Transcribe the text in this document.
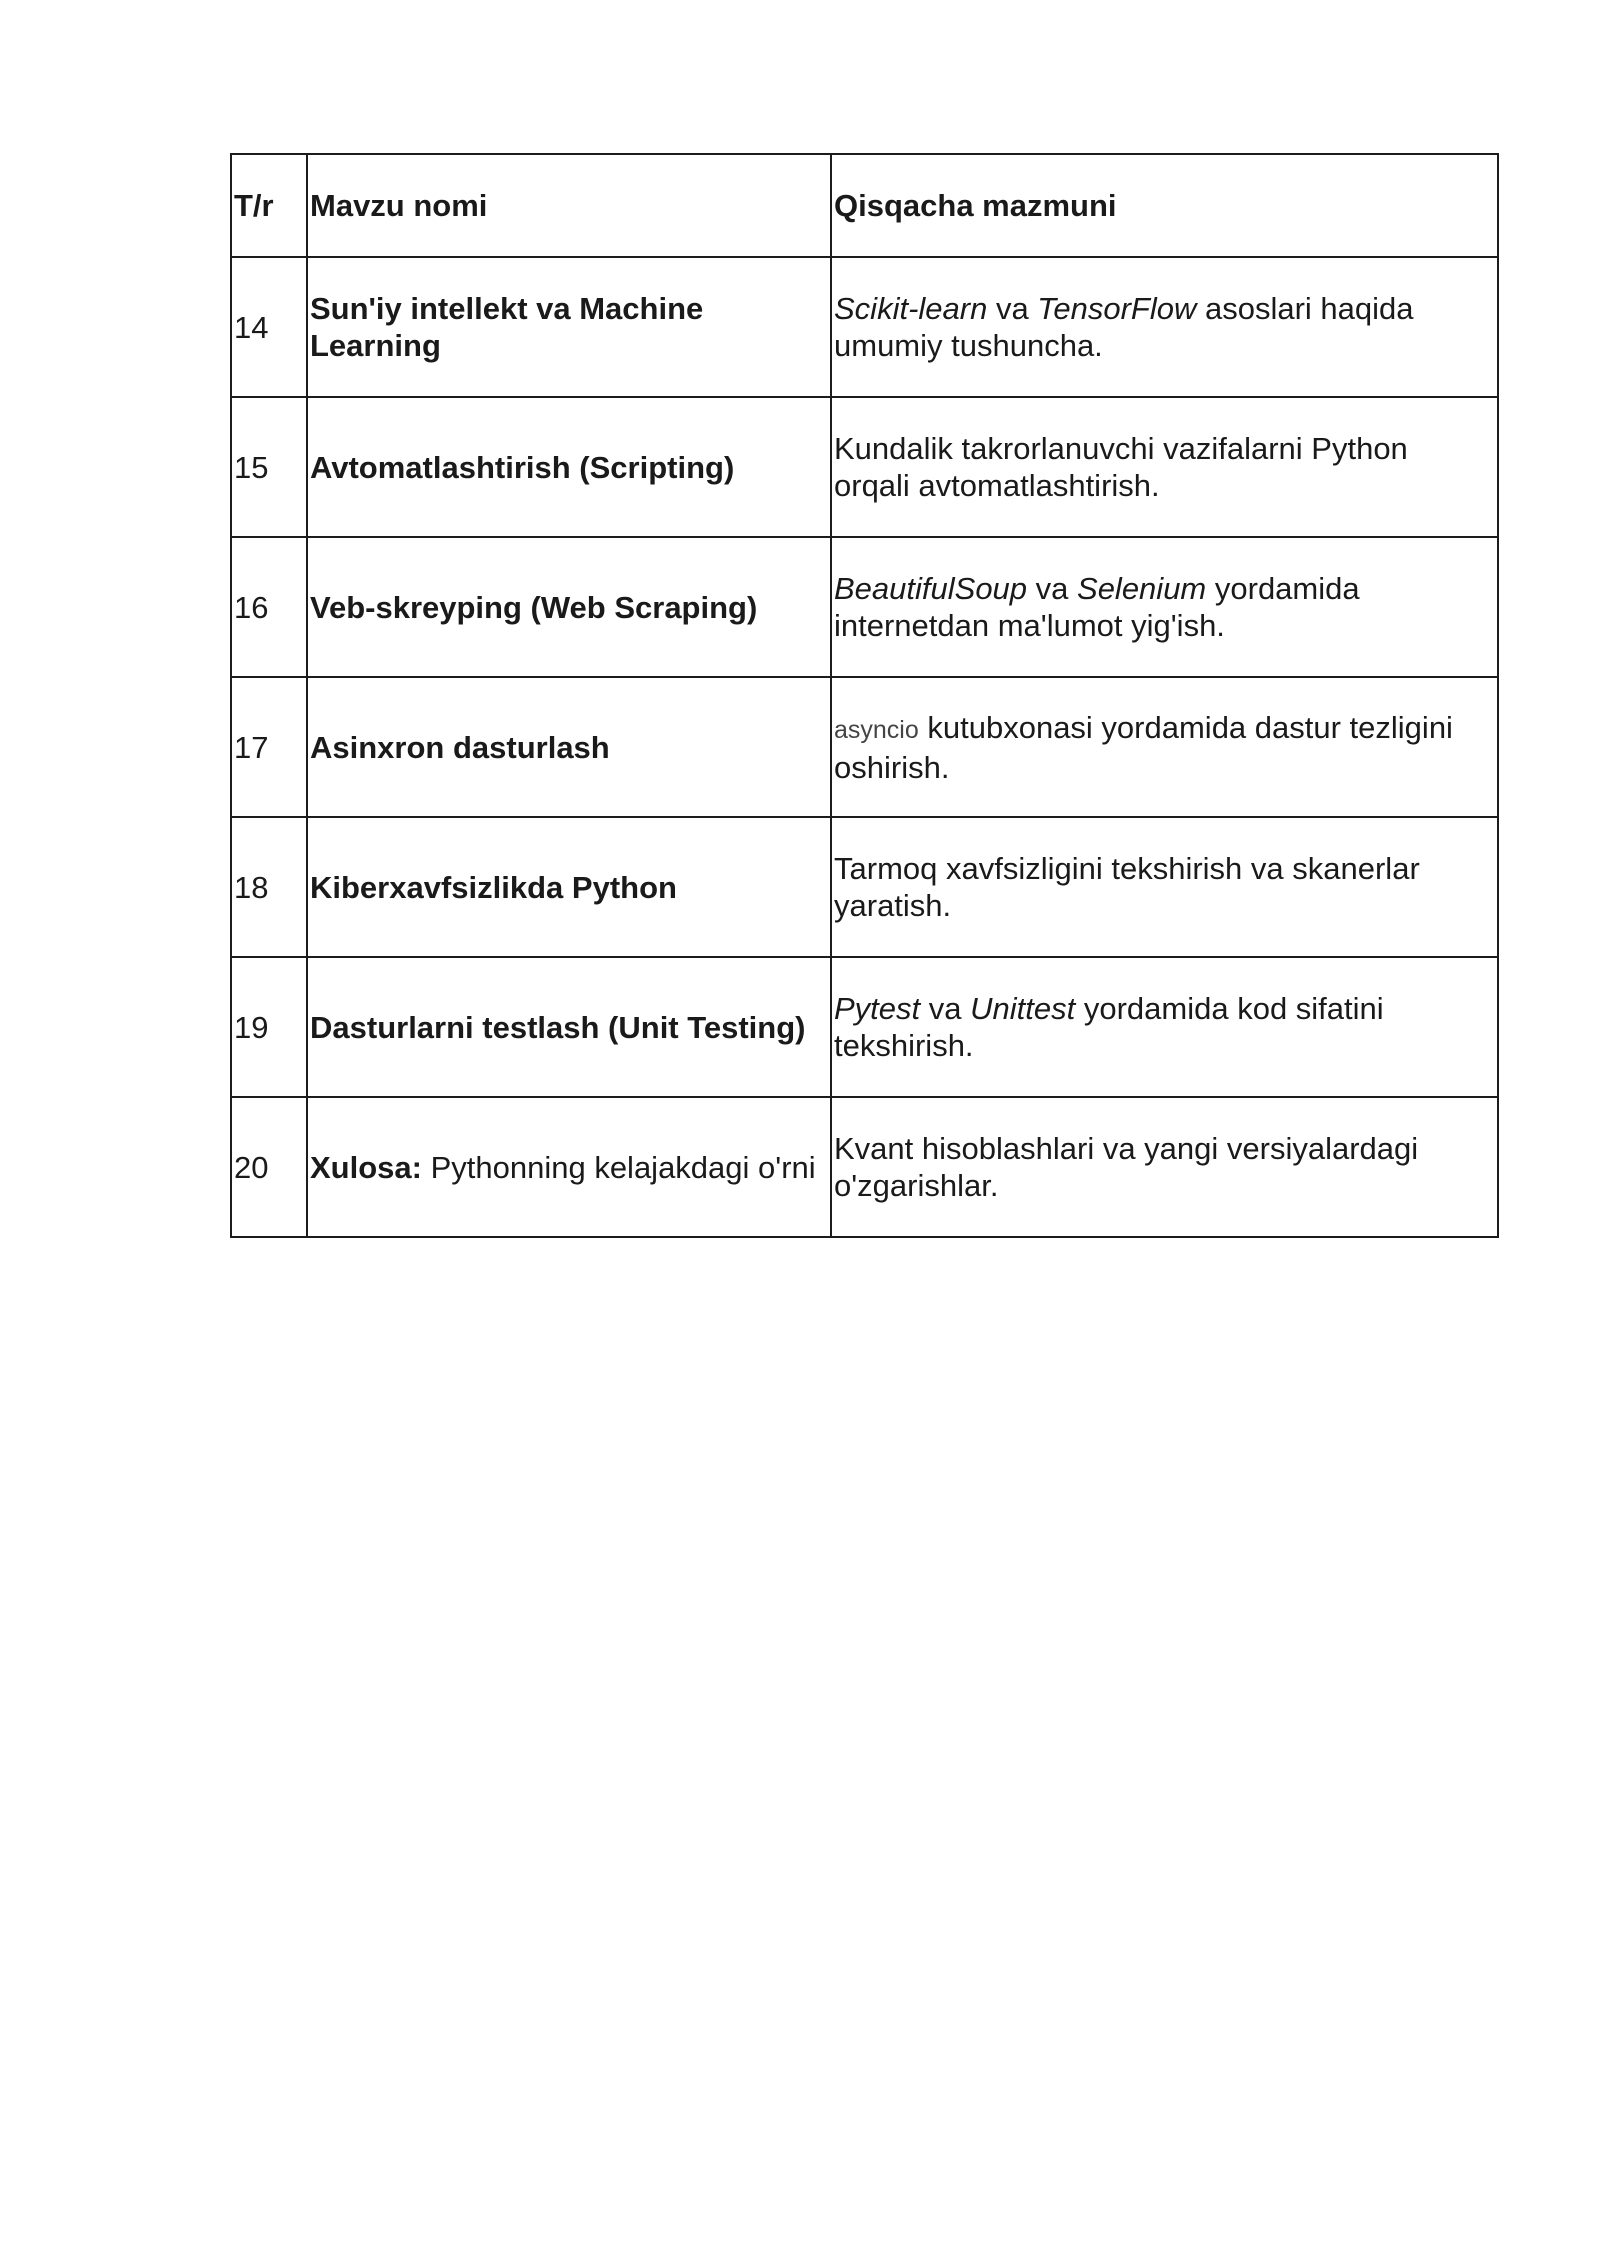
T/r	Mavzu nomi	Qisqacha mazmuni
14	Sun'iy intellekt va Machine Learning	Scikit-learn va TensorFlow asoslari haqida umumiy tushuncha.
15	Avtomatlashtirish (Scripting)	Kundalik takrorlanuvchi vazifalarni Python orqali avtomatlashtirish.
16	Veb-skreyping (Web Scraping)	BeautifulSoup va Selenium yordamida internetdan ma'lumot yig'ish.
17	Asinxron dasturlash	asyncio kutubxonasi yordamida dastur tezligini oshirish.
18	Kiberxavfsizlikda Python	Tarmoq xavfsizligini tekshirish va skanerlar yaratish.
19	Dasturlarni testlash (Unit Testing)	Pytest va Unittest yordamida kod sifatini tekshirish.
20	Xulosa: Pythonning kelajakdagi o'rni	Kvant hisoblashlari va yangi versiyalardagi o'zgarishlar.
